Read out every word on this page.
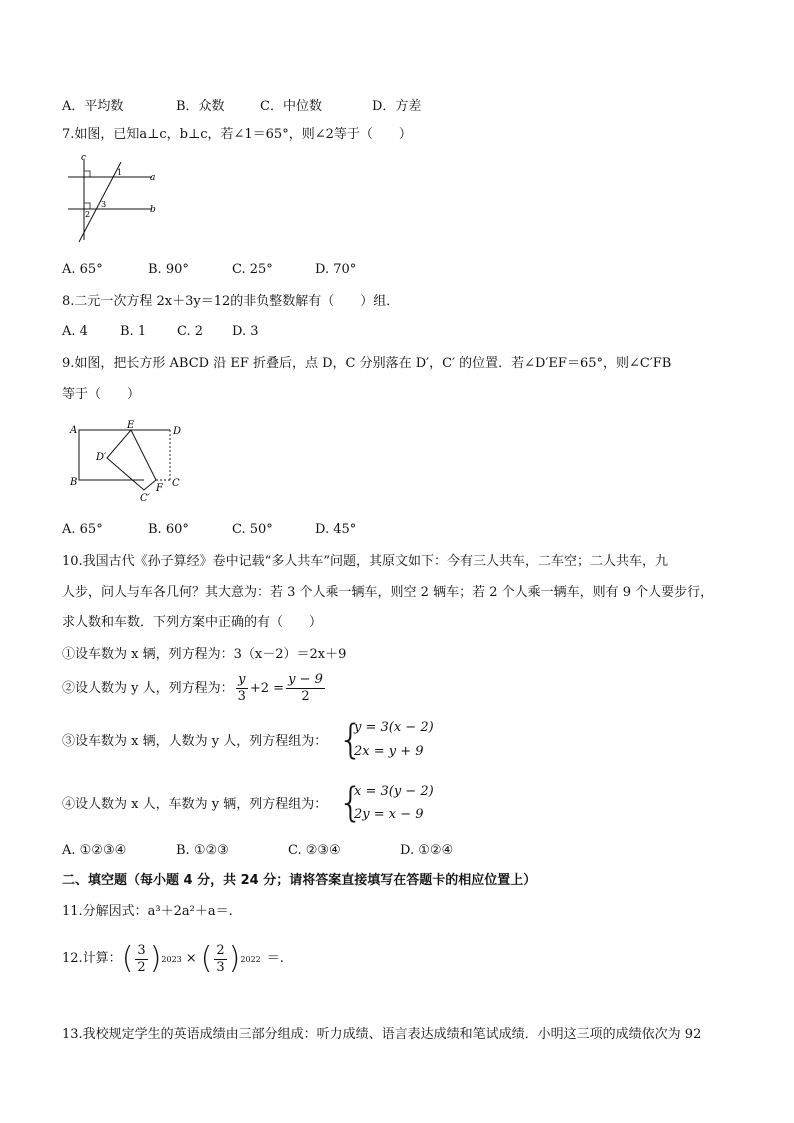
A．平均数	B．众数	C．中位数	D．方差
7.如图，已知a⊥c，b⊥c，若∠1＝65°，则∠2等于（　　）
c
a
b
1
3
2
A. 65°	B. 90°	C. 25°	D. 70°
8.二元一次方程 2x＋3y＝12的非负整数解有（　　）组．
A. 4 B. 1 C. 2 D. 3
9.如图，把长方形 ABCD 沿 EF 折叠后，点 D，C 分别落在 D′，C′ 的位置．若∠D′EF＝65°，则∠C′FB
等于（　　）
A
B	C
D
E
F
D′
C′
A. 65°	B. 60°	C. 50°	D. 45°
10.我国古代《孙子算经》卷中记载“多人共车”问题，其原文如下：今有三人共车，二车空；二人共车，九
人步，问人与车各几何？其大意为：若 3 个人乘一辆车，则空 2 辆车；若 2 个人乘一辆车，则有 9 个人要步行，
求人数和车数．下列方案中正确的有（　　）
①设车数为 x 辆，列方程为：3（x－2）＝2x＋9
②设人数为 y 人，列方程为： $\frac{y}{3} +2 = \frac{y - 9}{2}$
③设车数为 x 辆，人数为 y 人，列方程组为： {
y = 3(x − 2)
2x = y + 9
④设人数为 x 人，车数为 y 辆，列方程组为： {
x = 3(y − 2)
2y = x − 9
A. ①②③④	B. ①②③	C. ②③④	D. ①②④
二、填空题（每小题 4 分，共 24 分；请将答案直接填写在答题卡的相应位置上）
11.分解因式：a³＋2a²＋a＝.
12.计算： ( $\frac{3}{2}$ ) 2023 × ( $\frac{2}{3}$ ) 2022 ＝.
13.我校规定学生的英语成绩由三部分组成：听力成绩、语言表达成绩和笔试成绩．小明这三项的成绩依次为 92
